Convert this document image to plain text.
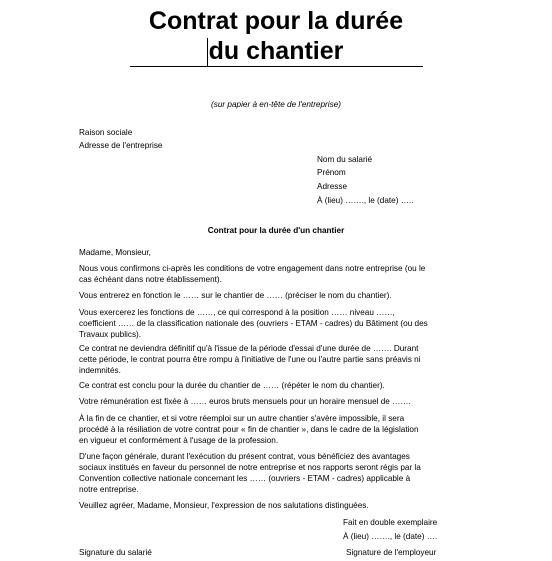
Contrat pour la durée
du chantier
(sur papier à en-tête de l'entreprise)
Raison sociale
Adresse de l'entreprise
Nom du salarié
Prénom
Adresse
À (lieu) ……., le (date) …..
Contrat pour la durée d'un chantier
Madame, Monsieur,
Nous vous confirmons ci-après les conditions de votre engagement dans notre entreprise (ou le
cas échéant dans notre établissement).
Vous entrerez en fonction le …… sur le chantier de …… (préciser le nom du chantier).
Vous exercerez les fonctions de ……, ce qui correspond à la position …… niveau ……,
coefficient …… de la classification nationale des (ouvriers - ETAM - cadres) du Bâtiment (ou des
Travaux publics).
Ce contrat ne deviendra définitif qu'à l'issue de la période d'essai d'une durée de ……. Durant
cette période, le contrat pourra être rompu à l'initiative de l'une ou l'autre partie sans préavis ni
indemnités.
Ce contrat est conclu pour la durée du chantier de …… (répéter le nom du chantier).
Votre rémunération est fixée à …… euros bruts mensuels pour un horaire mensuel de …….
À la fin de ce chantier, et si votre réemploi sur un autre chantier s'avère impossible, il sera
procédé à la résiliation de votre contrat pour « fin de chantier », dans le cadre de la législation
en vigueur et conformément à l'usage de la profession.
D'une façon générale, durant l'exécution du présent contrat, vous bénéficiez des avantages
sociaux institués en faveur du personnel de notre entreprise et nos rapports seront régis par la
Convention collective nationale concernant les …… (ouvriers - ETAM - cadres) applicable à
notre entreprise.
Veuillez agréer, Madame, Monsieur, l'expression de nos salutations distinguées.
Fait en double exemplaire
À (lieu) ……., le (date) ….
Signature du salarié	Signature de l'employeur
